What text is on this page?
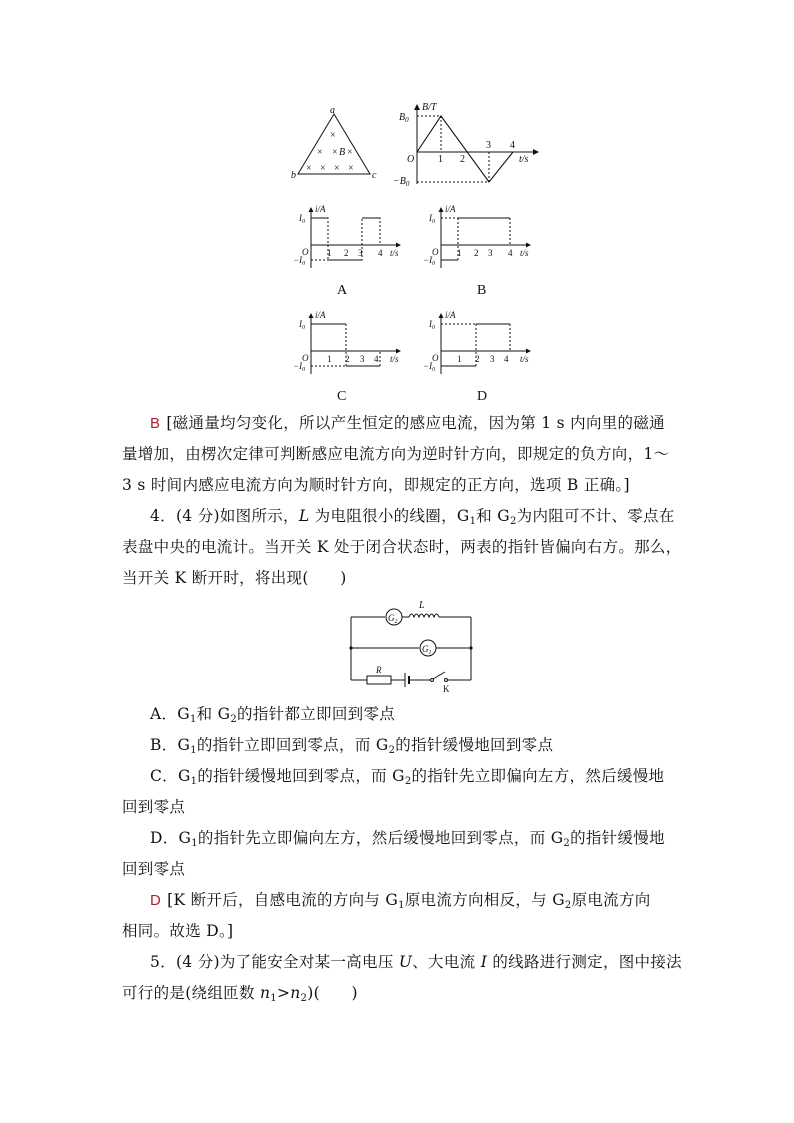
a
b	c
×
× × B ×
× × × ×
B/T
t/s
O
$B_0$
$-B_0$
1 2
3 4
i/A
t/s
O
$I_0$
$-I_0$
1 2 3 4
A
i/A
t/s
O
$I_0$
$-I_0$
1 2 3 4
B
i/A
t/s
O
$I_0$
$-I_0$
1 2 3 4
C
i/A
t/s
O
$I_0$
$-I_0$
1 2 3 4
D
B [磁通量均匀变化，所以产生恒定的感应电流，因为第 1 s 内向里的磁通
量增加，由楞次定律可判断感应电流方向为逆时针方向，即规定的负方向，1～
3 s 时间内感应电流方向为顺时针方向，即规定的正方向，选项 B 正确。]
4．(4 分)如图所示，L 为电阻很小的线圈，$G_1$和 $G_2$为内阻可不计、零点在
表盘中央的电流计。当开关 K 处于闭合状态时，两表的指针皆偏向右方。那么，
当开关 K 断开时，将出现(　　)
$G_2$
L
$G_1$
R
K
A．$G_1$和 $G_2$的指针都立即回到零点
B．$G_1$的指针立即回到零点，而 $G_2$的指针缓慢地回到零点
C．$G_1$的指针缓慢地回到零点，而 $G_2$的指针先立即偏向左方，然后缓慢地
回到零点
D．$G_1$的指针先立即偏向左方，然后缓慢地回到零点，而 $G_2$的指针缓慢地
回到零点
D [K 断开后，自感电流的方向与 $G_1$原电流方向相反，与 $G_2$原电流方向
相同。故选 D。]
5．(4 分)为了能安全对某一高电压 U、大电流 I 的线路进行测定，图中接法
可行的是(绕组匝数 $n_1>n_2$)(　　)
